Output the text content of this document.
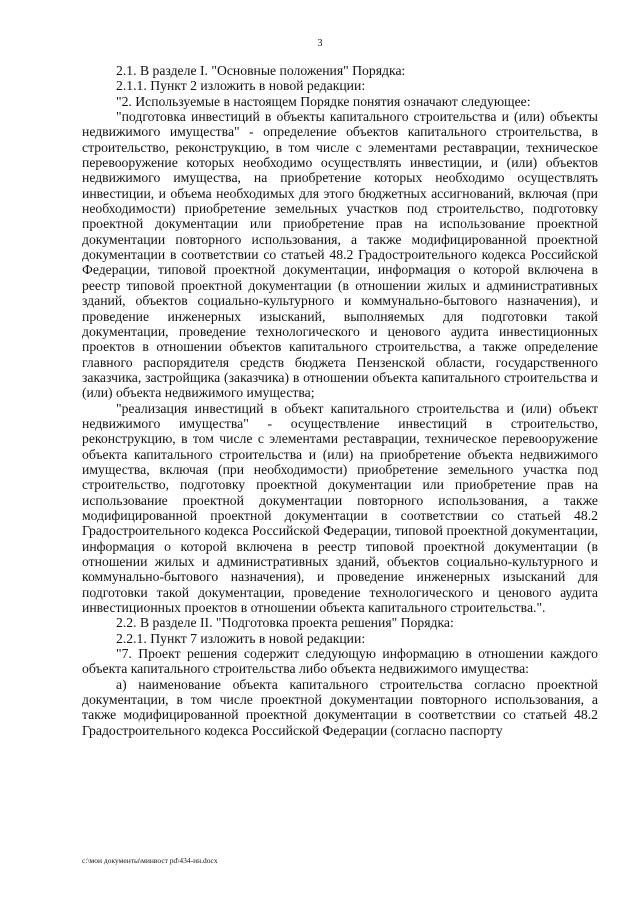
3

2.1. В разделе I. "Основные положения" Порядка:

2.1.1. Пункт 2 изложить в новой редакции:

"2. Используемые в настоящем Порядке понятия означают следующее:

"подготовка инвестиций в объекты капитального строительства и (или) объекты недвижимого имущества" - определение объектов капитального строительства, в строительство, реконструкцию, в том числе с элементами реставрации, техническое перевооружение которых необходимо осуществлять инвестиции, и (или) объектов недвижимого имущества, на приобретение которых необходимо осуществлять инвестиции, и объема необходимых для этого бюджетных ассигнований, включая (при необходимости) приобретение земельных участков под строительство, подготовку проектной документации или приобретение прав на использование проектной документации повторного использования, а также модифицированной проектной документации в соответствии со статьей 48.2 Градостроительного кодекса Российской Федерации, типовой проектной документации, информация о которой включена в реестр типовой проектной документации (в отношении жилых и административных зданий, объектов социально-культурного и коммунально-бытового назначения), и проведение инженерных изысканий, выполняемых для подготовки такой документации, проведение технологического и ценового аудита инвестиционных проектов в отношении объектов капитального строительства, а также определение главного распорядителя средств бюджета Пензенской области, государственного заказчика, застройщика (заказчика) в отношении объекта капитального строительства и (или) объекта недвижимого имущества;

"реализация инвестиций в объект капитального строительства и (или) объект недвижимого имущества" - осуществление инвестиций в строительство, реконструкцию, в том числе с элементами реставрации, техническое перевооружение объекта капитального строительства и (или) на приобретение объекта недвижимого имущества, включая (при необходимости) приобретение земельного участка под строительство, подготовку проектной документации или приобретение прав на использование проектной документации повторного использования, а также модифицированной проектной документации в соответствии со статьей 48.2 Градостроительного кодекса Российской Федерации, типовой проектной документации, информация о которой включена в реестр типовой проектной документации (в отношении жилых и административных зданий, объектов социально-культурного и коммунально-бытового назначения), и проведение инженерных изысканий для подготовки такой документации, проведение технологического и ценового аудита инвестиционных проектов в отношении объекта капитального строительства.".

2.2. В разделе II. "Подготовка проекта решения" Порядка:

2.2.1. Пункт 7 изложить в новой редакции:

"7. Проект решения содержит следующую информацию в отношении каждого объекта капитального строительства либо объекта недвижимого имущества:

а) наименование объекта капитального строительства согласно проектной документации, в том числе проектной документации повторного использования, а также модифицированной проектной документации в соответствии со статьей 48.2 Градостроительного кодекса Российской Федерации (согласно паспорту

c:\мои документы\минвост pd\434-ин.docx
